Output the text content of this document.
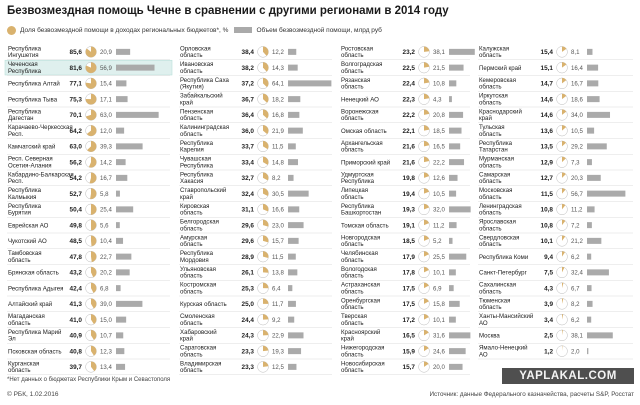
Безвозмездная помощь Чечне в сравнении с другими регионами в 2014 году
Доля безвозмездной помощи в доходах региональных бюджетов*, %	Объем безвозмездной помощи, млрд руб
Республика Ингушетия	85,6	20,9
Чеченская Республика	81,6	56,9
Республика Алтай 77,1	15,4
Республика Тыва 75,3	17,1
Республика Дагестан	70,1	63,0
Карачаево-Черкесская Респ.	64,2	12,0
Камчатский край 63,0	39,3
Респ. Северная Осетия-Алания	56,2	14,2
Кабардино-Балкарская Респ.	54,2	16,7
Республика Калмыкия	52,7	5,8
Республика Бурятия	50,4	25,4
Еврейская АО	49,8	5,6
Чукотский АО	48,5	10,4
Тамбовская область	47,8	22,7
Брянская область 43,2	20,2
Республика Адыгея 42,4	6,8
Алтайский край	41,3	39,0
Магаданская область	41,0	15,0
Республика Марий Эл	40,9	10,7
Псковская область 40,8	12,3
Курганская область	39,7	13,4
Орловская область	38,4	12,2
Ивановская область	38,2	14,3
Республика Саха (Якутия)	37,2	64,1
Забайкальский край	36,7	18,2
Пензенская область	36,4	16,8
Калининградская область	36,0	21,9
Республика Карелия	33,7	11,5
Чувашская Республика	33,4	14,8
Республика Хакасия	32,7	8,2
Ставропольский край	32,4	30,5
Кировская область	31,1	16,6
Белгородская область	29,6	23,0
Амурская область	29,6	15,7
Республика Мордовия	28,9	11,5
Ульяновская область	26,1	13,8
Костромская область	25,3	6,4
Курская область 25,0	11,7
Смоленская область	24,4	9,2
Хабаровский край	24,3	22,9
Саратовская область	23,3	19,3
Владимирская область	23,3	12,5
Ростовская область	23,2	38,1
Волгоградская область	22,5	21,5
Рязанская область	22,4	10,8
Ненецкий АО	22,3	4,3
Воронежская область	22,2	20,8
Омская область 22,1	18,5
Архангельская область	21,6	16,5
Приморский край 21,6	22,2
Удмуртская Республика	19,8	12,6
Липецкая область	19,4	10,5
Республика Башкортостан	19,3	32,0
Томская область 19,1	11,2
Новгородская область	18,5	5,2
Челябинская область	17,9	25,5
Вологодская область	17,8	10,1
Астраханская область	17,5	6,9
Оренбургская область	17,5	15,8
Тверская область	17,2	10,1
Красноярский край	16,5	31,6
Нижегородская область	15,9	24,6
Новосибирская область	15,7	20,0
Калужская область	15,4	8,1
Пермский край	15,1	16,4
Кемеровская область	14,7	16,7
Иркутская область	14,6	18,6
Краснодарский край	14,6	34,0
Тульская область	13,6	10,5
Республика Татарстан	13,5	29,2
Мурманская область	12,9	7,3
Самарская область	12,7	20,3
Московская область	11,5	56,7
Ленинградская область	10,8	11,2
Ярославская область	10,8	7,2
Свердловская область	10,1	21,2
Республика Коми 9,4	6,2
Санкт-Петербург	7,5	32,4
Сахалинская область	4,3	6,7
Тюменская область	3,9	8,2
Ханты-Мансийский АО	3,4	6,2
Москва	2,5	38,1
Ямало-Ненецкий АО	1,2	2,0
*Нет данных о бюджетах Республики Крым и Севастополя
© РБК, 1.02.2016	Источник: данные Федерального казначейства, расчеты S&P, Росстат
YAPLAKAL.COM
